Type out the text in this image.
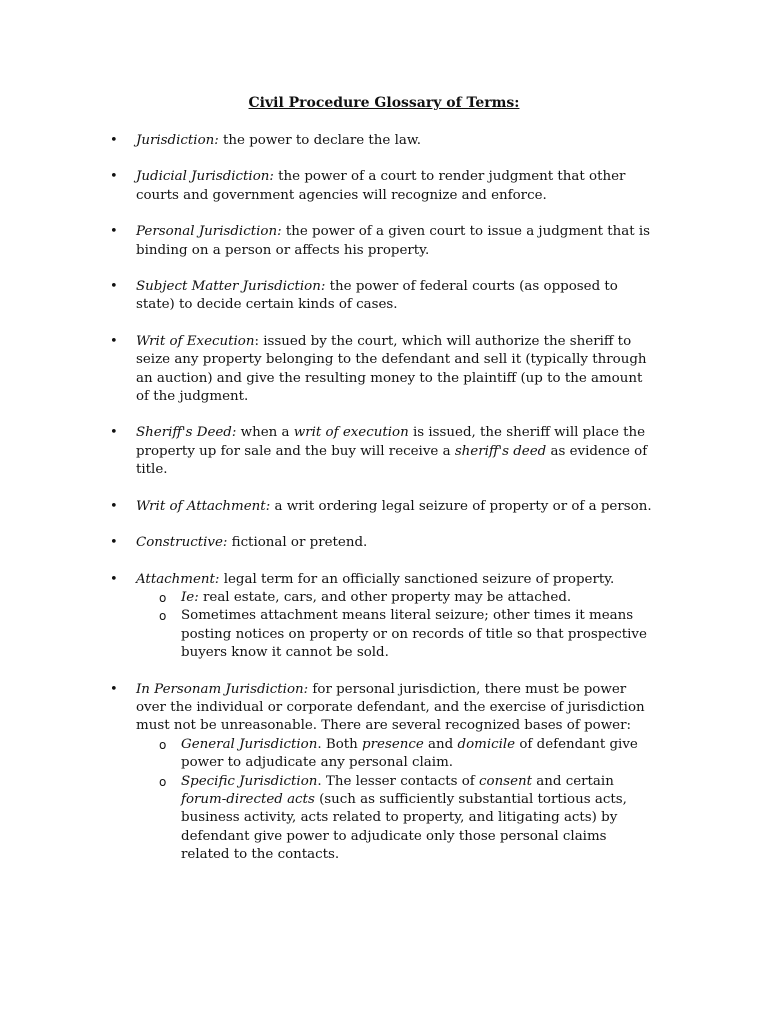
Civil Procedure Glossary of Terms:
• Jurisdiction: the power to declare the law.
• Judicial Jurisdiction: the power of a court to render judgment that other courts and government agencies will recognize and enforce.
• Personal Jurisdiction: the power of a given court to issue a judgment that is binding on a person or affects his property.
• Subject Matter Jurisdiction: the power of federal courts (as opposed to state) to decide certain kinds of cases.
• Writ of Execution: issued by the court, which will authorize the sheriff to seize any property belonging to the defendant and sell it (typically through an auction) and give the resulting money to the plaintiff (up to the amount of the judgment.
• Sheriff's Deed: when a writ of execution is issued, the sheriff will place the property up for sale and the buy will receive a sheriff's deed as evidence of title.
• Writ of Attachment: a writ ordering legal seizure of property or of a person.
• Constructive: fictional or pretend.
• Attachment: legal term for an officially sanctioned seizure of property.
o Ie: real estate, cars, and other property may be attached.
o Sometimes attachment means literal seizure; other times it means posting notices on property or on records of title so that prospective buyers know it cannot be sold.
• In Personam Jurisdiction: for personal jurisdiction, there must be power over the individual or corporate defendant, and the exercise of jurisdiction must not be unreasonable. There are several recognized bases of power:
o General Jurisdiction. Both presence and domicile of defendant give power to adjudicate any personal claim.
o Specific Jurisdiction. The lesser contacts of consent and certain forum-directed acts (such as sufficiently substantial tortious acts, business activity, acts related to property, and litigating acts) by defendant give power to adjudicate only those personal claims related to the contacts.
